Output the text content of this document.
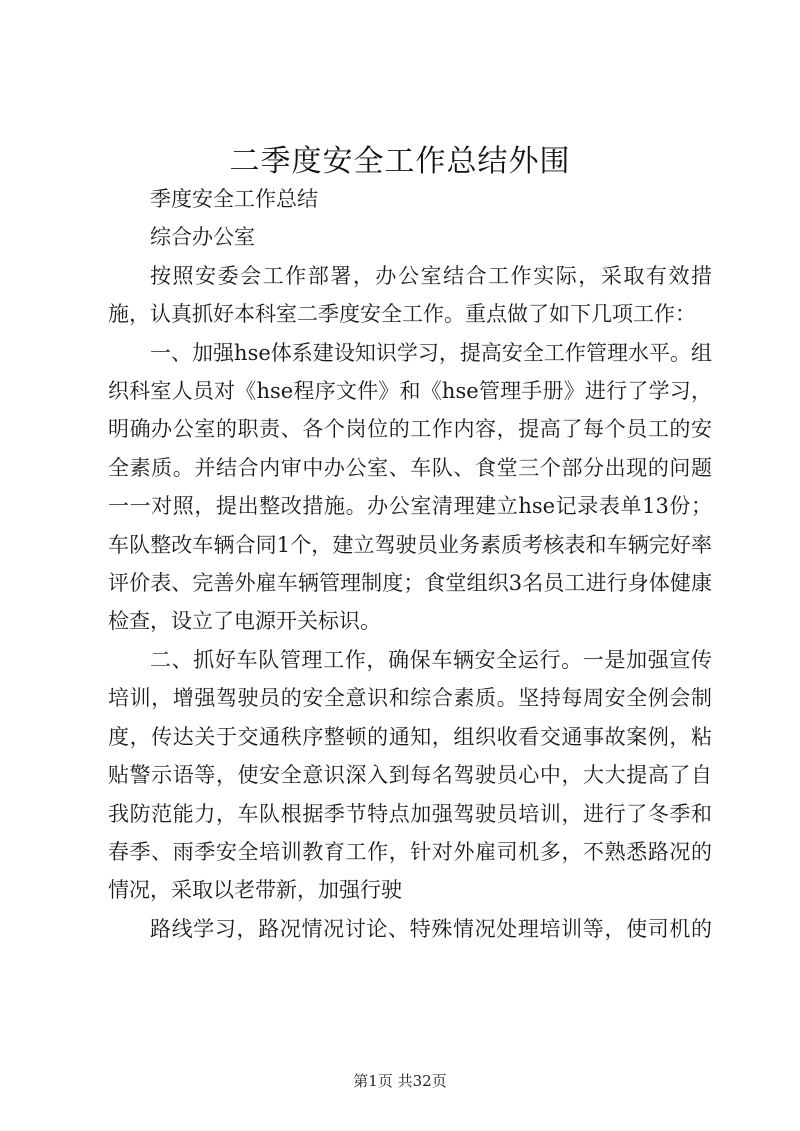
二季度安全工作总结外围

季度安全工作总结

综合办公室

按照安委会工作部署，办公室结合工作实际，采取有效措施，认真抓好本科室二季度安全工作。重点做了如下几项工作：

一、加强hse体系建设知识学习，提高安全工作管理水平。组织科室人员对《hse程序文件》和《hse管理手册》进行了学习，明确办公室的职责、各个岗位的工作内容，提高了每个员工的安全素质。并结合内审中办公室、车队、食堂三个部分出现的问题一一对照，提出整改措施。办公室清理建立hse记录表单13份；车队整改车辆合同1个，建立驾驶员业务素质考核表和车辆完好率评价表、完善外雇车辆管理制度；食堂组织3名员工进行身体健康检查，设立了电源开关标识。

二、抓好车队管理工作，确保车辆安全运行。一是加强宣传培训，增强驾驶员的安全意识和综合素质。坚持每周安全例会制度，传达关于交通秩序整顿的通知，组织收看交通事故案例，粘贴警示语等，使安全意识深入到每名驾驶员心中，大大提高了自我防范能力，车队根据季节特点加强驾驶员培训，进行了冬季和春季、雨季安全培训教育工作，针对外雇司机多，不熟悉路况的情况，采取以老带新，加强行驶

路线学习，路况情况讨论、特殊情况处理培训等，使司机的

第1页 共32页
